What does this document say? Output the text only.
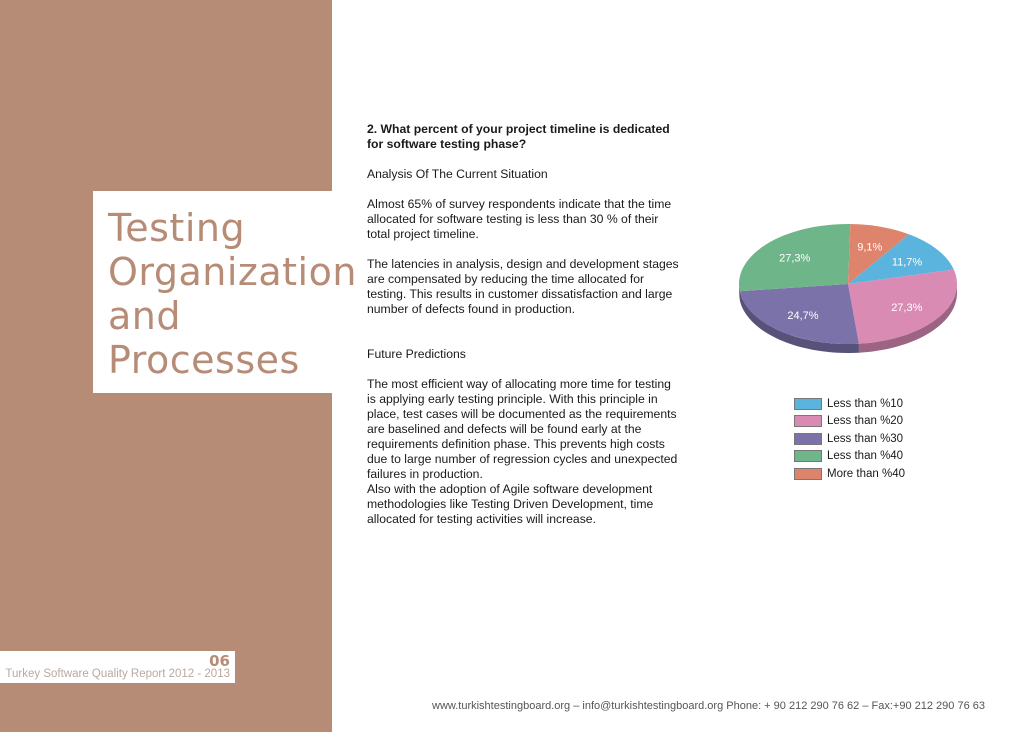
Testing
Organization
and
Processes
06
Turkey Software Quality Report 2012 - 2013

2. What percent of your project timeline is dedicated for software testing phase?

Analysis Of The Current Situation

Almost 65% of survey respondents indicate that the time allocated for software testing is less than 30 % of their total project timeline.

The latencies in analysis, design and development stages are compensated by reducing the time allocated for testing. This results in customer dissatisfaction and large number of defects found in production.

Future Predictions

The most efficient way of allocating more time for testing is applying early testing principle. With this principle in place, test cases will be documented as the requirements are baselined and defects will be found early at the requirements definition phase. This prevents high costs due to large number of regression cycles and unexpected failures in production.

Also with the adoption of Agile software development methodologies like Testing Driven Development, time allocated for testing activities will increase.

11,7%
27,3%
24,7%
27,3%
9,1%
Less than %10
Less than %20
Less than %30
Less than %40
More than %40
www.turkishtestingboard.org – info@turkishtestingboard.org Phone: + 90 212 290 76 62 – Fax:+90 212 290 76 63
